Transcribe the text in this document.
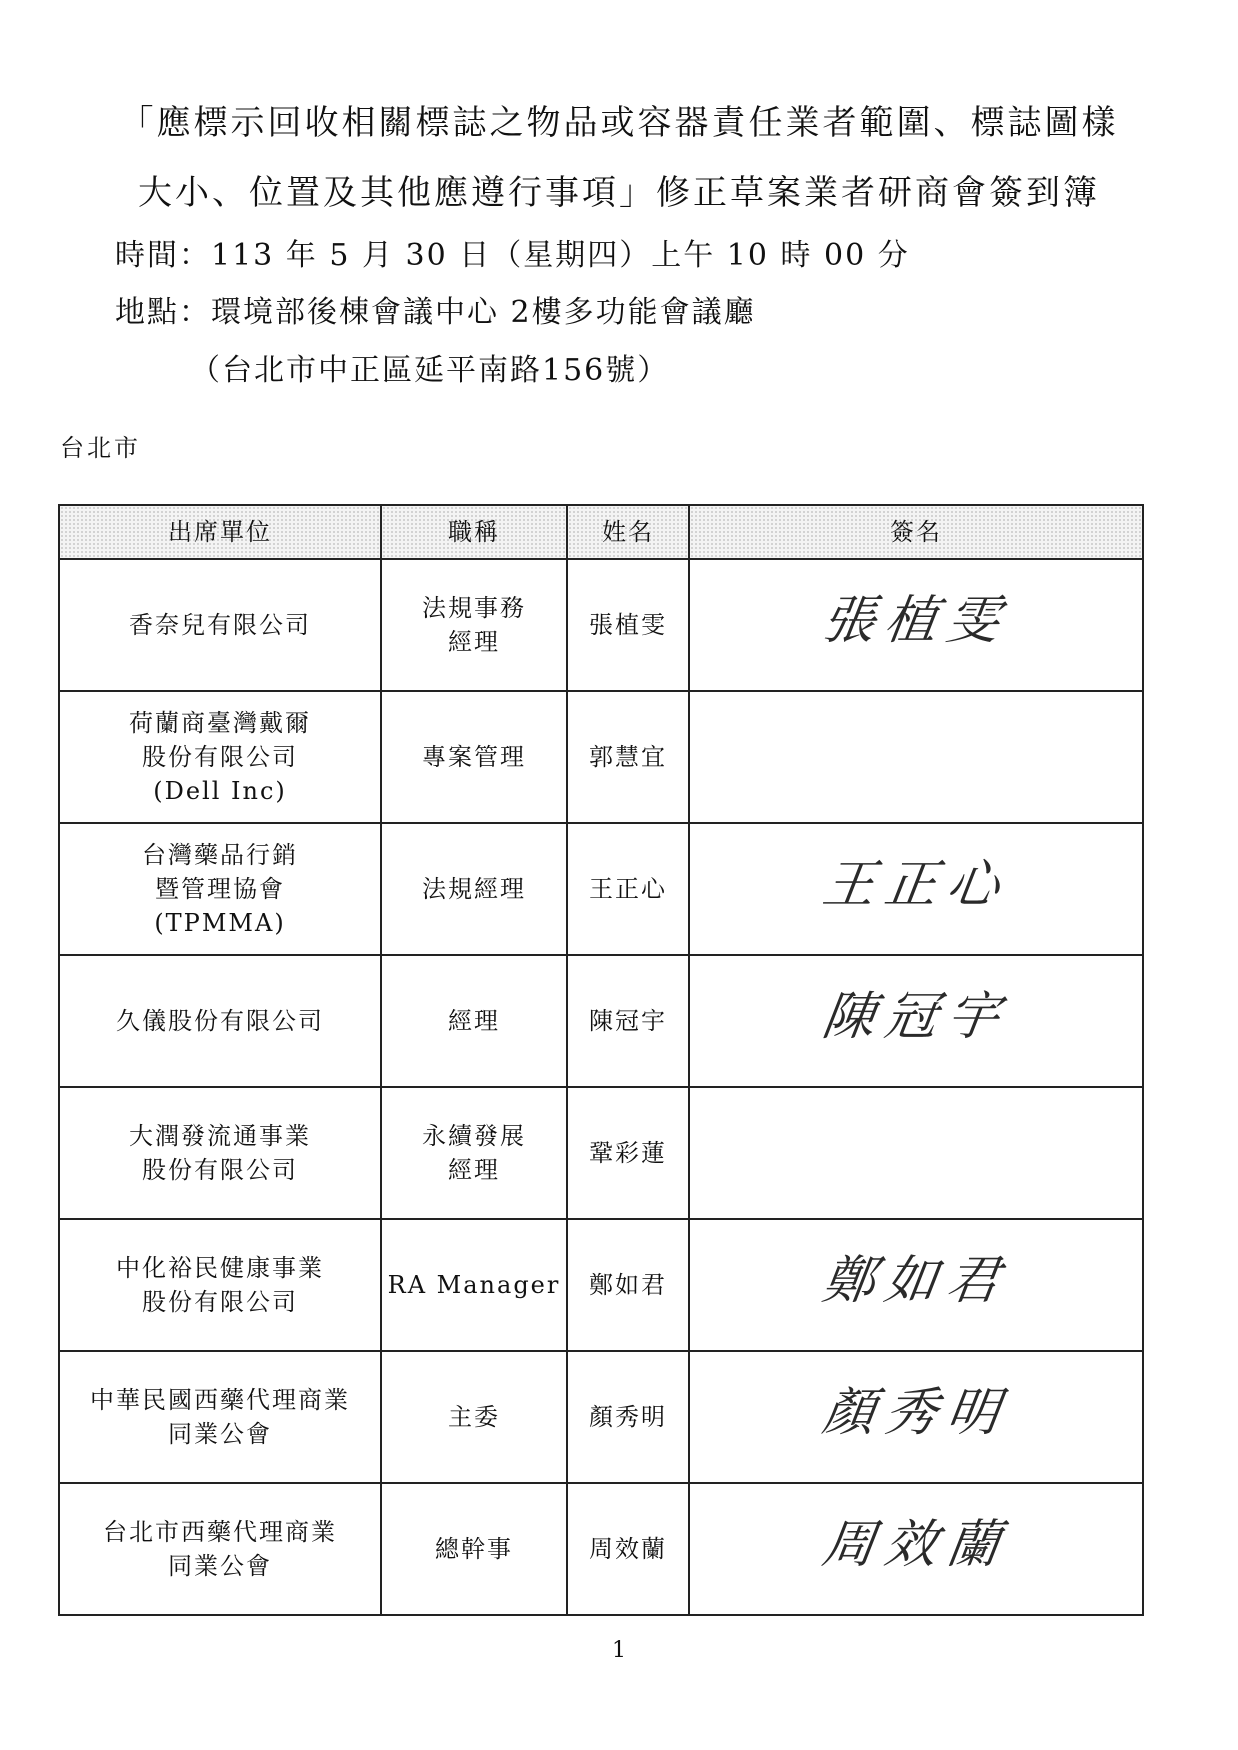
「應標示回收相關標誌之物品或容器責任業者範圍、標誌圖樣
大小、位置及其他應遵行事項」修正草案業者研商會簽到簿

時間：113 年 5 月 30 日（星期四）上午 10 時 00 分

地點：環境部後棟會議中心 2樓多功能會議廳

（台北市中正區延平南路156號）

台北市
出席單位	職稱	姓名	簽名

香奈兒有限公司	法規事務
經理	張植雯	張植雯

荷蘭商臺灣戴爾
股份有限公司
(Dell Inc)	專案管理	郭慧宜	

台灣藥品行銷
暨管理協會
(TPMMA)	法規經理	王正心	王正心

久儀股份有限公司	經理	陳冠宇	陳冠宇

大潤發流通事業
股份有限公司	永續發展
經理	鞏彩蓮	

中化裕民健康事業
股份有限公司	RA Manager	鄭如君	鄭如君

中華民國西藥代理商業
同業公會	主委	顏秀明	顏秀明

台北市西藥代理商業
同業公會	總幹事	周效蘭	周效蘭
1
